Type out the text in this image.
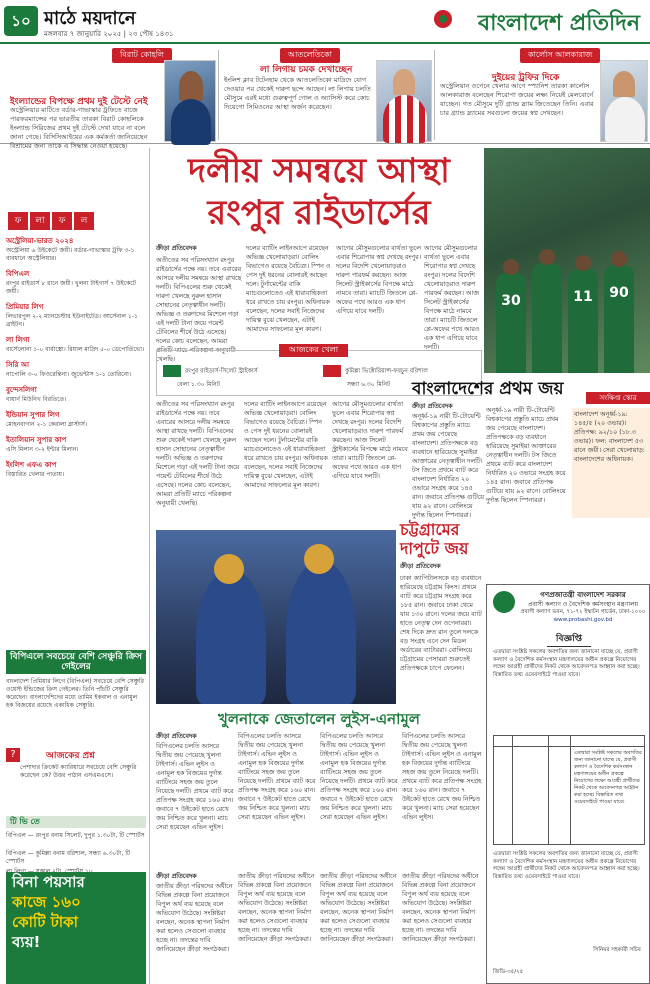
১০ মাঠে ময়দানে
মঙ্গলবার ৭ জানুয়ারি ২০২৫ | ২৩ পৌষ ১৪৩১	বাংলাদেশ প্রতিদিন
বিরাট কোহলি
ইংল্যান্ডের বিপক্ষে প্রথম দুই টেস্টে নেই
অস্ট্রেলিয়ার মাটিতে বর্ডার-গাভাস্কার ট্রফিতে বাজে পারফরম্যান্সের পর ভারতীয় তারকা বিরাট কোহলিকে ইংল্যান্ড সিরিজের প্রথম দুই টেস্টে দেখা যাবে না বলে জানা গেছে। বিসিসিআইয়ের এক কর্মকর্তা জানিয়েছেন বিশ্রামের জন্য তাকে এ সিদ্ধান্ত নেওয়া হয়েছে।
আতলেতিকো
লা লিগায় চমক দেখাচ্ছেন
ইংলিশ ক্লাব টটেনহাম থেকে আতলেতিকো মাদ্রিদে যোগ দেওয়ার পর থেকেই দারুণ ছন্দে আছেন। লা লিগায় চলতি মৌসুমে এরই মধ্যে গুরুত্বপূর্ণ গোল ও অ্যাসিস্ট করে কোচ দিয়েগো সিমিওনের আস্থা অর্জন করেছেন।
কার্লোস আলকারাজ
দুইয়ের ট্রফির দিকে
অস্ট্রেলিয়ান ওপেনে খেলার আগে স্প্যানিশ তারকা কার্লোস আলকারাজ বলেছেন শিরোপা জয়ের লক্ষ্য নিয়েই মেলবোর্নে যাচ্ছেন। গত মৌসুমে দুটি গ্র্যান্ড স্ল্যাম জিতেছেন তিনি। এবার চার গ্র্যান্ড স্ল্যামের সবগুলো জয়ের স্বপ্ন দেখছেন।
ফ লা ফ ল
অস্ট্রেলিয়া-ভারত ২০২৪
অস্ট্রেলিয়া ৬ উইকেটে জয়ী। বর্ডার-গাভাস্কার ট্রফি ৩-১ ব্যবধানে অস্ট্রেলিয়ার।
বিপিএল
রংপুর রাইডার্স ৮ রানে জয়ী। খুলনা টাইগার্স ৭ উইকেটে জয়ী।
প্রিমিয়ার লিগ
লিভারপুল ২-২ ম্যানচেস্টার ইউনাইটেড। আর্সেনাল ১-১ ব্রাইটন।
লা লিগা
বার্সেলোনা ১-০ বার্বাস্ত্রো। রিয়াল মাদ্রিদ ৫-০ ডেপোর্তিভো।
সিরি আ
নাপোলি ৩-০ ফিওরেন্তিনা। জুভেন্টাস ১-১ তোরিনো।
বুন্দেসলিগা
বায়ার্ন মিউনিখ বিরতিতে।
ইন্ডিয়ান সুপার লিগ
মোহনবাগান ২-১ কেরালা ব্লাস্টার্স।
ইতালিয়ান সুপার কাপ
এসি মিলান ৩-২ ইন্টার মিলান।
ইংলিশ এফএ কাপ
বিস্তারিত খেলার পাতায়।
বিপিএলে সবচেয়ে বেশি সেঞ্চুরি ক্রিস গেইলের
বাংলাদেশ প্রিমিয়ার লিগে (বিপিএল) সবচেয়ে বেশি সেঞ্চুরি ওয়েস্ট ইন্ডিজের ক্রিস গেইলের। তিনি পাঁচটি সেঞ্চুরি করেছেন। বাংলাদেশিদের মধ্যে তামিম ইকবাল ও এনামুল হক বিজয়ের রয়েছে একাধিক সেঞ্চুরি।
?	আজকের প্রশ্ন
পেশাদার ক্রিকেট ক্যারিয়ারে সবচেয়ে বেশি সেঞ্চুরি করেছেন কে? উত্তর পাঠান এসএমএসে।
টি ভি তে
বিপিএল — রংপুর বনাম সিলেট, দুপুর ১.৩০টা, টি স্পোর্টস
বিপিএল — কুমিল্লা বনাম বরিশাল, সন্ধ্যা ৬.৩০টা, টি স্পোর্টস
বিনা পয়সার
কাজে ১৬০
কোটি টাকা
ব্যয়!
দলীয় সমন্বয়ে আস্থা
রংপুর রাইডার্সের
ক্রীড়া প্রতিবেদক
অতীতের সব পরিসংখ্যান রংপুর রাইডার্সের পক্ষে নয়। তবে এবারের আসরে দলীয় সমন্বয়ে আস্থা রাখছে দলটি। বিপিএলের শুরু থেকেই দারুণ খেলছে নুরুল হাসান সোহানের নেতৃত্বাধীন দলটি। অভিজ্ঞ ও তরুণদের মিশেলে গড়া এই দলটি টানা জয়ে পয়েন্ট টেবিলের শীর্ষে উঠে এসেছে। দলের কোচ বলেছেন, আমরা প্রতিটি ম্যাচে পরিকল্পনা অনুযায়ী খেলছি।
দলের ব্যাটিং লাইনআপে রয়েছেন অভিজ্ঞ খেলোয়াড়রা। বোলিং বিভাগেও রয়েছে বৈচিত্র্য। স্পিন ও পেস দুই ধরনের বোলারই আছেন দলে। টুর্নামেন্টের বাকি ম্যাচগুলোতেও এই ধারাবাহিকতা ধরে রাখতে চায় রংপুর। অধিনায়ক বলেছেন, দলের সবাই নিজেদের দায়িত্ব বুঝে খেলছেন, এটাই আমাদের সাফল্যের মূল কারণ।
আগের মৌসুমগুলোর ব্যর্থতা ভুলে এবার শিরোপার স্বপ্ন দেখছে রংপুর। দলের বিদেশি খেলোয়াড়রাও দারুণ পারফর্ম করছেন। আজ সিলেট স্ট্রাইকার্সের বিপক্ষে মাঠে নামবে তারা। ম্যাচটি জিতলে প্লে-অফের পথে আরও এক ধাপ এগিয়ে যাবে দলটি।
আগের মৌসুমগুলোর ব্যর্থতা ভুলে এবার শিরোপার স্বপ্ন দেখছে রংপুর। দলের বিদেশি খেলোয়াড়রাও দারুণ পারফর্ম করছেন। আজ সিলেট স্ট্রাইকার্সের বিপক্ষে মাঠে নামবে তারা। ম্যাচটি জিতলে প্লে-অফের পথে আরও এক ধাপ এগিয়ে যাবে দলটি।
30	11	90
আজকের খেলা
রংপুর রাইডার্স-সিলেট স্ট্রাইকার্স
বেলা ১.৩০ মিনিট
কুমিল্লা ভিক্টোরিয়ান্স-ফরচুন বরিশাল
সন্ধ্যা ৬.৩০ মিনিট বাংলাদেশের প্রথম জয়	সংক্ষিপ্ত স্কোর
ক্রীড়া প্রতিবেদক
অনূর্ধ্ব-১৯ নারী টি-টোয়েন্টি বিশ্বকাপের প্রস্তুতি ম্যাচে প্রথম জয় পেয়েছে বাংলাদেশ। প্রতিপক্ষকে বড় ব্যবধানে হারিয়েছে সুমাইয়া আক্তারের নেতৃত্বাধীন দলটি। টস জিতে প্রথমে ব্যাট করে বাংলাদেশ নির্ধারিত ২০ ওভারে সংগ্রহ করে ১৪৫ রান। জবাবে প্রতিপক্ষ গুটিয়ে যায় ৯২ রানে। বোলিংয়ে দুর্দান্ত ছিলেন স্পিনাররা।
অনূর্ধ্ব-১৯ নারী টি-টোয়েন্টি বিশ্বকাপের প্রস্তুতি ম্যাচে প্রথম জয় পেয়েছে বাংলাদেশ। প্রতিপক্ষকে বড় ব্যবধানে হারিয়েছে সুমাইয়া আক্তারের নেতৃত্বাধীন দলটি। টস জিতে প্রথমে ব্যাট করে বাংলাদেশ নির্ধারিত ২০ ওভারে সংগ্রহ করে ১৪৫ রান। জবাবে প্রতিপক্ষ গুটিয়ে যায় ৯২ রানে। বোলিংয়ে দুর্দান্ত ছিলেন স্পিনাররা।
বাংলাদেশ অনূর্ধ্ব-১৯: ১৪৫/৫ (২০ ওভার)। প্রতিপক্ষ: ৯২/১০ (১৮.৩ ওভার)। ফল: বাংলাদেশ ৫৩ রানে জয়ী। সেরা খেলোয়াড়: বাংলাদেশের অধিনায়ক।
অতীতের সব পরিসংখ্যান রংপুর রাইডার্সের পক্ষে নয়। তবে এবারের আসরে দলীয় সমন্বয়ে আস্থা রাখছে দলটি। বিপিএলের শুরু থেকেই দারুণ খেলছে নুরুল হাসান সোহানের নেতৃত্বাধীন দলটি। অভিজ্ঞ ও তরুণদের মিশেলে গড়া এই দলটি টানা জয়ে পয়েন্ট টেবিলের শীর্ষে উঠে এসেছে। দলের কোচ বলেছেন, আমরা প্রতিটি ম্যাচে পরিকল্পনা অনুযায়ী খেলছি।
দলের ব্যাটিং লাইনআপে রয়েছেন অভিজ্ঞ খেলোয়াড়রা। বোলিং বিভাগেও রয়েছে বৈচিত্র্য। স্পিন ও পেস দুই ধরনের বোলারই আছেন দলে। টুর্নামেন্টের বাকি ম্যাচগুলোতেও এই ধারাবাহিকতা ধরে রাখতে চায় রংপুর। অধিনায়ক বলেছেন, দলের সবাই নিজেদের দায়িত্ব বুঝে খেলছেন, এটাই আমাদের সাফল্যের মূল কারণ।
আগের মৌসুমগুলোর ব্যর্থতা ভুলে এবার শিরোপার স্বপ্ন দেখছে রংপুর। দলের বিদেশি খেলোয়াড়রাও দারুণ পারফর্ম করছেন। আজ সিলেট স্ট্রাইকার্সের বিপক্ষে মাঠে নামবে তারা। ম্যাচটি জিতলে প্লে-অফের পথে আরও এক ধাপ এগিয়ে যাবে দলটি।
চট্টগ্রামের দাপুটে জয়
ক্রীড়া প্রতিবেদক
ঢাকা ক্যাপিটালসকে বড় ব্যবধানে হারিয়েছে চট্টগ্রাম কিংস। প্রথমে ব্যাট করে চট্টগ্রাম সংগ্রহ করে ১৮৫ রান। জবাবে ঢাকা থেমে যায় ১৩০ রানে। দলের জয়ে ব্যাট হাতে নেতৃত্ব দেন ওপেনাররা। শেষ দিকে দ্রুত রান তুলে দলকে বড় সংগ্রহ এনে দেন মিডল অর্ডারের ব্যাটাররা। বোলিংয়ে চট্টগ্রামের পেসাররা শুরুতেই প্রতিপক্ষকে চাপে ফেলেন।
খুলনাকে জেতালেন লুইস-এনামুল
ক্রীড়া প্রতিবেদক
বিপিএলের চলতি আসরে দ্বিতীয় জয় পেয়েছে খুলনা টাইগার্স। এভিন লুইস ও এনামুল হক বিজয়ের দুর্দান্ত ব্যাটিংয়ে সহজ জয় তুলে নিয়েছে দলটি। প্রথমে ব্যাট করে প্রতিপক্ষ সংগ্রহ করে ১৬০ রান। জবাবে ৭ উইকেট হাতে রেখে জয় নিশ্চিত করে খুলনা। ম্যাচ সেরা হয়েছেন এভিন লুইস।
বিপিএলের চলতি আসরে দ্বিতীয় জয় পেয়েছে খুলনা টাইগার্স। এভিন লুইস ও এনামুল হক বিজয়ের দুর্দান্ত ব্যাটিংয়ে সহজ জয় তুলে নিয়েছে দলটি। প্রথমে ব্যাট করে প্রতিপক্ষ সংগ্রহ করে ১৬০ রান। জবাবে ৭ উইকেট হাতে রেখে জয় নিশ্চিত করে খুলনা। ম্যাচ সেরা হয়েছেন এভিন লুইস।
বিপিএলের চলতি আসরে দ্বিতীয় জয় পেয়েছে খুলনা টাইগার্স। এভিন লুইস ও এনামুল হক বিজয়ের দুর্দান্ত ব্যাটিংয়ে সহজ জয় তুলে নিয়েছে দলটি। প্রথমে ব্যাট করে প্রতিপক্ষ সংগ্রহ করে ১৬০ রান। জবাবে ৭ উইকেট হাতে রেখে জয় নিশ্চিত করে খুলনা। ম্যাচ সেরা হয়েছেন এভিন লুইস।
বিপিএলের চলতি আসরে দ্বিতীয় জয় পেয়েছে খুলনা টাইগার্স। এভিন লুইস ও এনামুল হক বিজয়ের দুর্দান্ত ব্যাটিংয়ে সহজ জয় তুলে নিয়েছে দলটি। প্রথমে ব্যাট করে প্রতিপক্ষ সংগ্রহ করে ১৬০ রান। জবাবে ৭ উইকেট হাতে রেখে জয় নিশ্চিত করে খুলনা। ম্যাচ সেরা হয়েছেন এভিন লুইস।
ক্রীড়া প্রতিবেদক
জাতীয় ক্রীড়া পরিষদের অধীনে বিভিন্ন প্রকল্পে বিনা প্রয়োজনে বিপুল অর্থ ব্যয় হয়েছে বলে অভিযোগ উঠেছে। সংশ্লিষ্টরা বলছেন, অনেক স্থাপনা নির্মাণ করা হলেও সেগুলো ব্যবহার হচ্ছে না। তদন্তের দাবি জানিয়েছেন ক্রীড়া সংগঠকরা।
জাতীয় ক্রীড়া পরিষদের অধীনে বিভিন্ন প্রকল্পে বিনা প্রয়োজনে বিপুল অর্থ ব্যয় হয়েছে বলে অভিযোগ উঠেছে। সংশ্লিষ্টরা বলছেন, অনেক স্থাপনা নির্মাণ করা হলেও সেগুলো ব্যবহার হচ্ছে না। তদন্তের দাবি জানিয়েছেন ক্রীড়া সংগঠকরা।
জাতীয় ক্রীড়া পরিষদের অধীনে বিভিন্ন প্রকল্পে বিনা প্রয়োজনে বিপুল অর্থ ব্যয় হয়েছে বলে অভিযোগ উঠেছে। সংশ্লিষ্টরা বলছেন, অনেক স্থাপনা নির্মাণ করা হলেও সেগুলো ব্যবহার হচ্ছে না। তদন্তের দাবি জানিয়েছেন ক্রীড়া সংগঠকরা।
জাতীয় ক্রীড়া পরিষদের অধীনে বিভিন্ন প্রকল্পে বিনা প্রয়োজনে বিপুল অর্থ ব্যয় হয়েছে বলে অভিযোগ উঠেছে। সংশ্লিষ্টরা বলছেন, অনেক স্থাপনা নির্মাণ করা হলেও সেগুলো ব্যবহার হচ্ছে না। তদন্তের দাবি জানিয়েছেন ক্রীড়া সংগঠকরা।
গণপ্রজাতন্ত্রী বাংলাদেশ সরকার
প্রবাসী কল্যাণ ও বৈদেশিক কর্মসংস্থান মন্ত্রণালয়
প্রবাসী কল্যাণ ভবন, ৭১-৭২ ইস্কাটন গার্ডেন, ঢাকা-১০০০
www.probashi.gov.bd
বিজ্ঞপ্তি
এতদ্বারা সংশ্লিষ্ট সকলের অবগতির জন্য জানানো যাচ্ছে যে, প্রবাসী কল্যাণ ও বৈদেশিক কর্মসংস্থান মন্ত্রণালয়ের অধীন প্রকল্পে নিয়োগের লক্ষ্যে আগ্রহী প্রার্থীদের নিকট থেকে আবেদনপত্র আহ্বান করা হচ্ছে। বিস্তারিত তথ্য ওয়েবসাইটে পাওয়া যাবে।
এতদ্বারা সংশ্লিষ্ট সকলের অবগতির জন্য জানানো যাচ্ছে যে, প্রবাসী কল্যাণ ও বৈদেশিক কর্মসংস্থান মন্ত্রণালয়ের অধীন প্রকল্পে নিয়োগের লক্ষ্যে আগ্রহী প্রার্থীদের নিকট থেকে আবেদনপত্র আহ্বান করা হচ্ছে। বিস্তারিত তথ্য ওয়েবসাইটে পাওয়া যাবে।
এতদ্বারা সংশ্লিষ্ট সকলের অবগতির জন্য জানানো যাচ্ছে যে, প্রবাসী কল্যাণ ও বৈদেশিক কর্মসংস্থান মন্ত্রণালয়ের অধীন প্রকল্পে নিয়োগের লক্ষ্যে আগ্রহী প্রার্থীদের নিকট থেকে আবেদনপত্র আহ্বান করা হচ্ছে। বিস্তারিত তথ্য ওয়েবসাইটে পাওয়া যাবে।
সিনিয়র সহকারী সচিব
জিডি-৩৫/২৫
